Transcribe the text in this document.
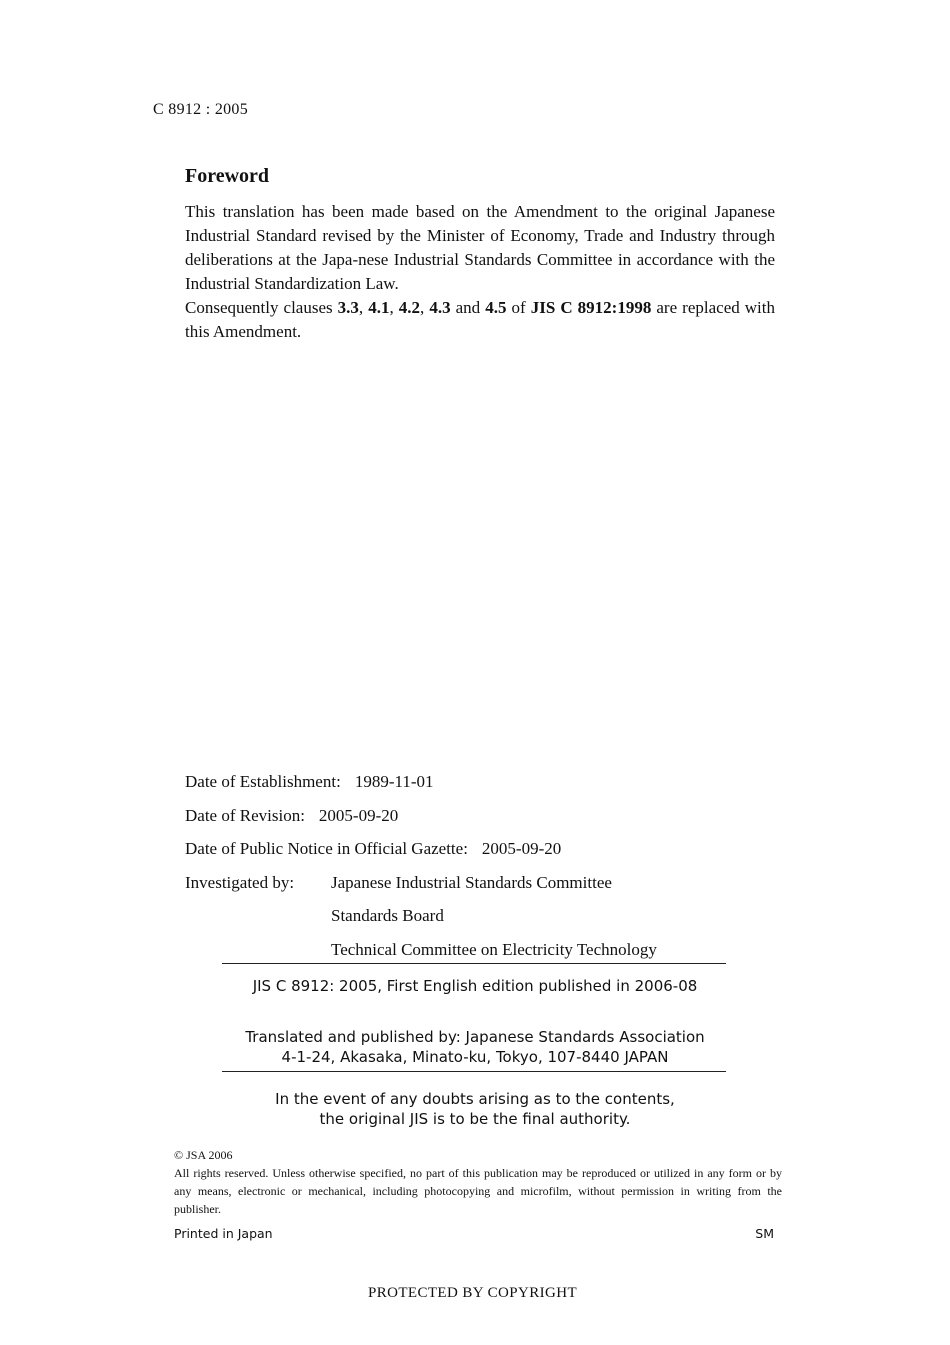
C 8912 : 2005
Foreword

This translation has been made based on the Amendment to the original Japanese Industrial Standard revised by the Minister of Economy, Trade and Industry through deliberations at the Japa-nese Industrial Standards Committee in accordance with the Industrial Standardization Law.

Consequently clauses 3.3, 4.1, 4.2, 4.3 and 4.5 of JIS C 8912:1998 are replaced with this Amendment.

Date of Establishment: 1989-11-01
Date of Revision: 2005-09-20
Date of Public Notice in Official Gazette: 2005-09-20
Investigated by:	Japanese Industrial Standards Committee
Standards Board
Technical Committee on Electricity Technology
JIS C 8912: 2005, First English edition published in 2006-08
Translated and published by: Japanese Standards Association
4-1-24, Akasaka, Minato-ku, Tokyo, 107-8440 JAPAN
In the event of any doubts arising as to the contents,
the original JIS is to be the final authority.
© JSA 2006
All rights reserved. Unless otherwise specified, no part of this publication may be reproduced or utilized in any form or by any means, electronic or mechanical, including photocopying and microfilm, without permission in writing from the publisher.
Printed in Japan	SM
PROTECTED BY COPYRIGHT
